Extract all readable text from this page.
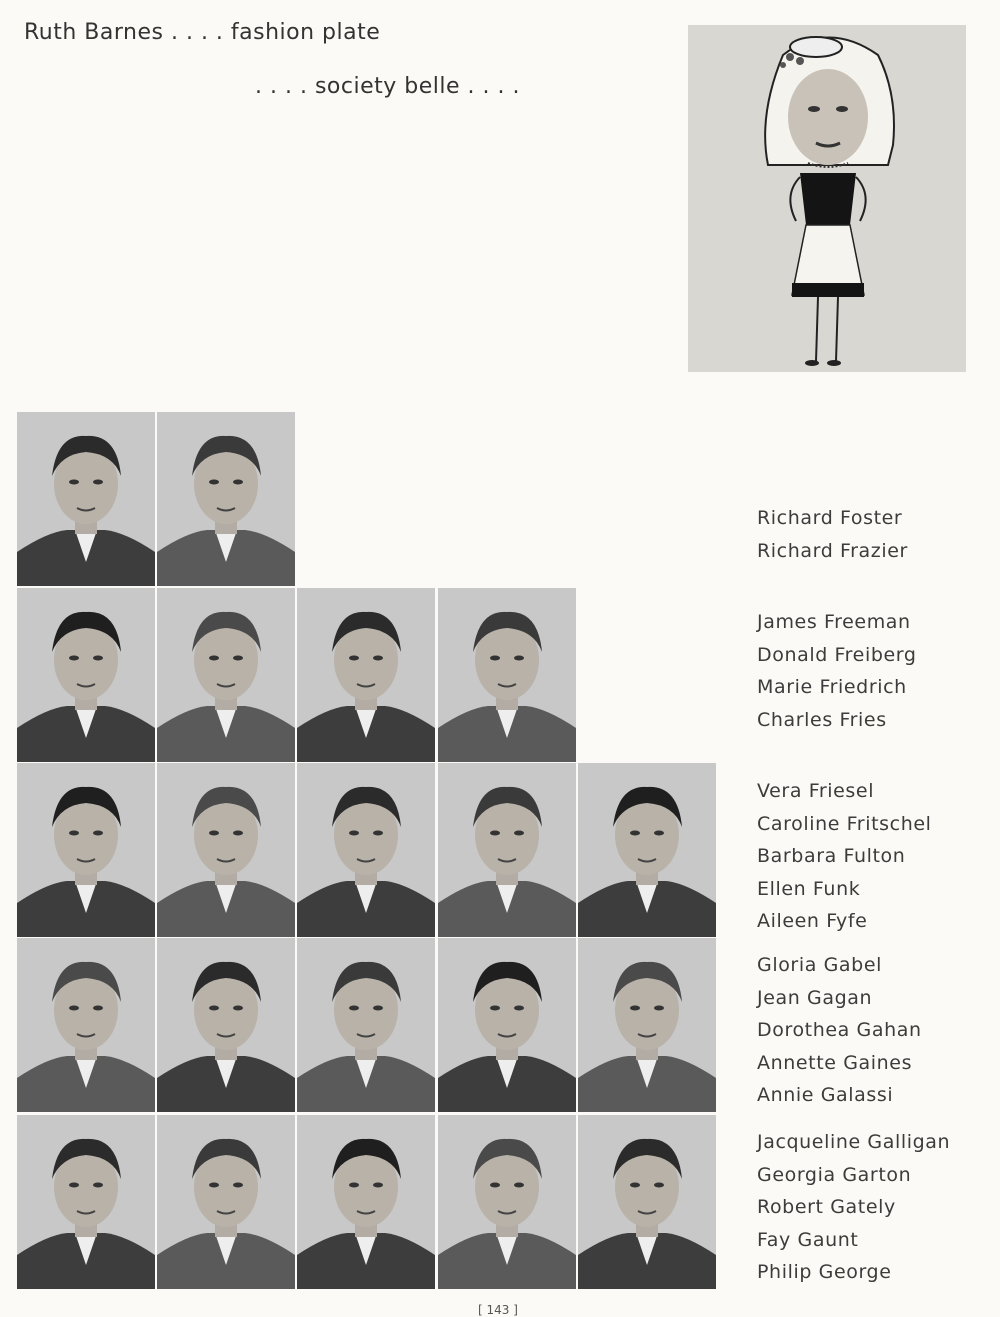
Ruth Barnes . . . . fashion plate
. . . . society belle . . . .
Richard Foster
Richard Frazier
James Freeman
Donald Freiberg
Marie Friedrich
Charles Fries
Vera Friesel
Caroline Fritschel
Barbara Fulton
Ellen Funk
Aileen Fyfe
Gloria Gabel
Jean Gagan
Dorothea Gahan
Annette Gaines
Annie Galassi
Jacqueline Galligan
Georgia Garton
Robert Gately
Fay Gaunt
Philip George
[ 143 ]
